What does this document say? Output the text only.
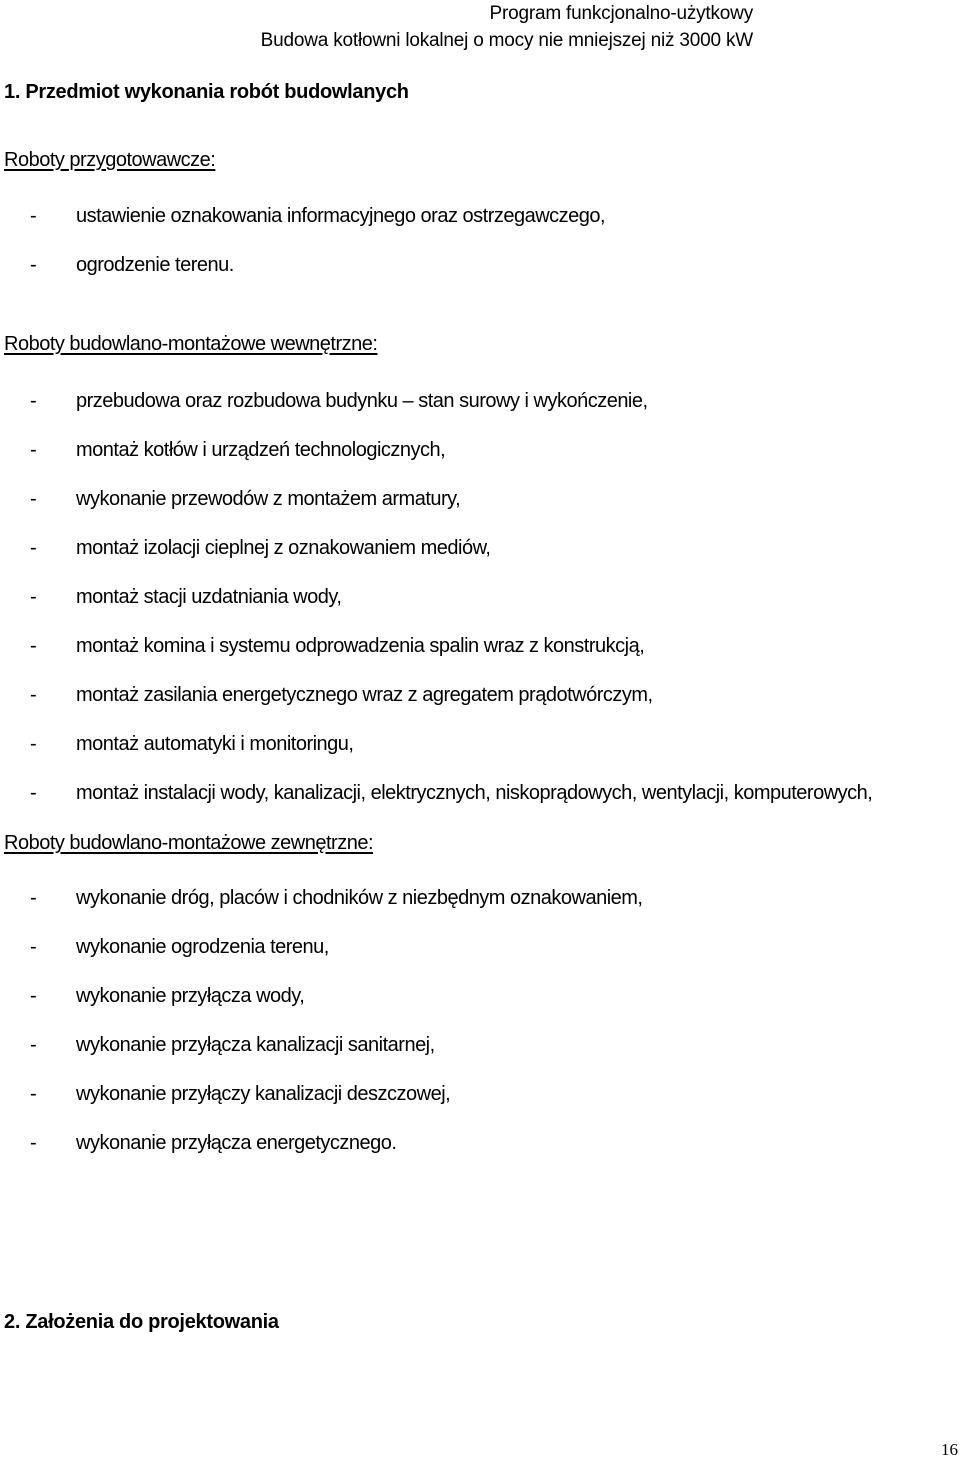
Program funkcjonalno-użytkowy
Budowa kotłowni lokalnej o mocy nie mniejszej niż 3000 kW
1. Przedmiot wykonania robót budowlanych
Roboty przygotowawcze:
- ustawienie oznakowania informacyjnego oraz ostrzegawczego,
- ogrodzenie terenu.
Roboty budowlano-montażowe wewnętrzne:
- przebudowa oraz rozbudowa budynku – stan surowy i wykończenie,
- montaż kotłów i urządzeń technologicznych,
- wykonanie przewodów z montażem armatury,
- montaż izolacji cieplnej z oznakowaniem mediów,
- montaż stacji uzdatniania wody,
- montaż komina i systemu odprowadzenia spalin wraz z konstrukcją,
- montaż zasilania energetycznego wraz z agregatem prądotwórczym,
- montaż automatyki i monitoringu,
- montaż instalacji wody, kanalizacji, elektrycznych, niskoprądowych, wentylacji, komputerowych,
Roboty budowlano-montażowe zewnętrzne:
- wykonanie dróg, placów i chodników z niezbędnym oznakowaniem,
- wykonanie ogrodzenia terenu,
- wykonanie przyłącza wody,
- wykonanie przyłącza kanalizacji sanitarnej,
- wykonanie przyłączy kanalizacji deszczowej,
- wykonanie przyłącza energetycznego.
2. Założenia do projektowania
16
